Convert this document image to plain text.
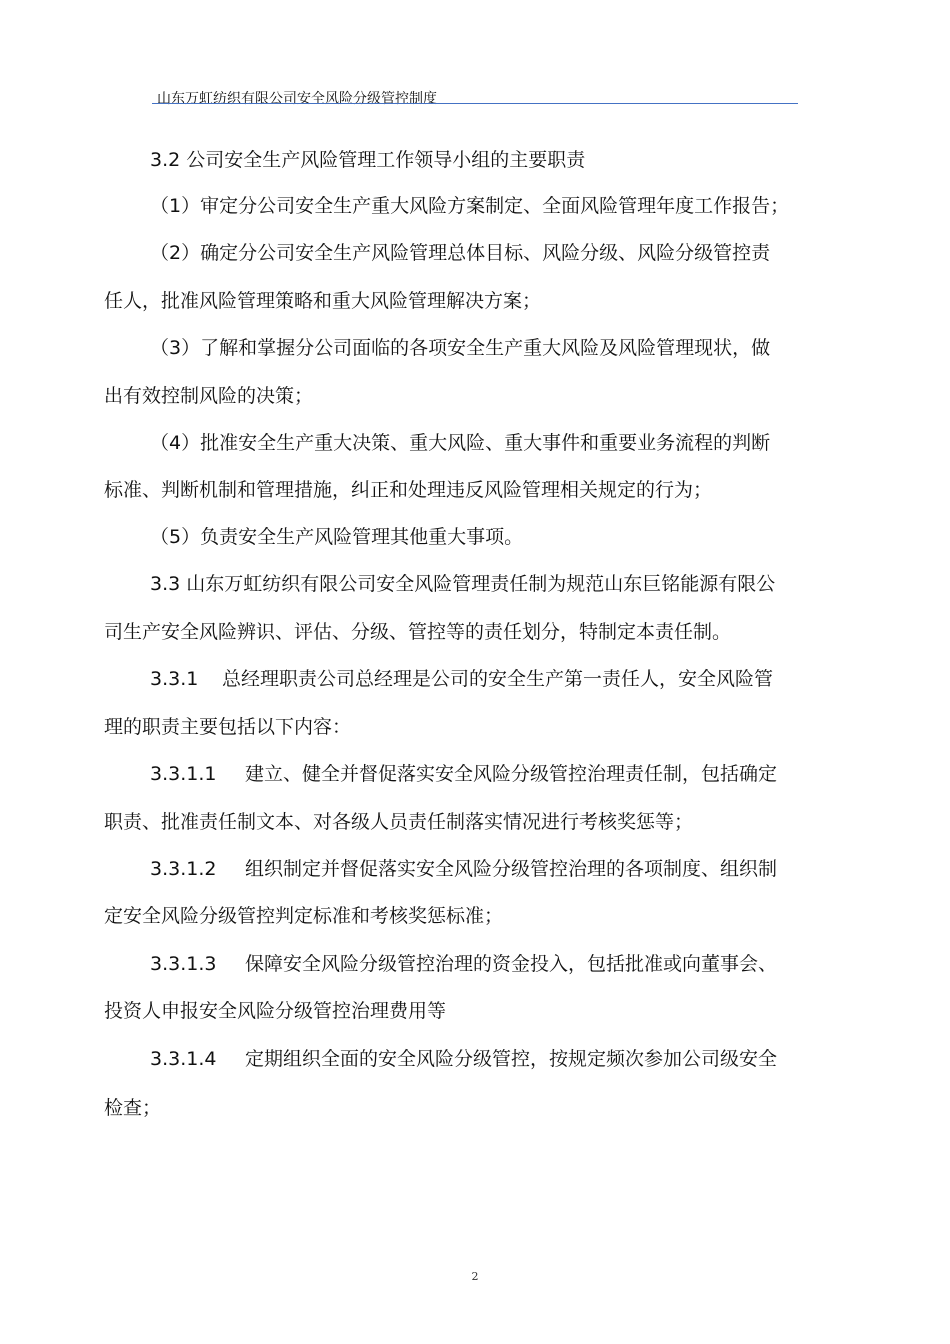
山东万虹纺织有限公司安全风险分级管控制度
3.2 公司安全生产风险管理工作领导小组的主要职责
（1）审定分公司安全生产重大风险方案制定、全面风险管理年度工作报告；
（2）确定分公司安全生产风险管理总体目标、风险分级、风险分级管控责
任人，批准风险管理策略和重大风险管理解决方案；
（3）了解和掌握分公司面临的各项安全生产重大风险及风险管理现状，做
出有效控制风险的决策；
（4）批准安全生产重大决策、重大风险、重大事件和重要业务流程的判断
标准、判断机制和管理措施，纠正和处理违反风险管理相关规定的行为；
（5）负责安全生产风险管理其他重大事项。
3.3 山东万虹纺织有限公司安全风险管理责任制为规范山东巨铭能源有限公
司生产安全风险辨识、评估、分级、管控等的责任划分，特制定本责任制。
3.3.1 总经理职责公司总经理是公司的安全生产第一责任人，安全风险管
理的职责主要包括以下内容：
3.3.1.1 建立、健全并督促落实安全风险分级管控治理责任制，包括确定
职责、批准责任制文本、对各级人员责任制落实情况进行考核奖惩等；
3.3.1.2 组织制定并督促落实安全风险分级管控治理的各项制度、组织制
定安全风险分级管控判定标准和考核奖惩标准；
3.3.1.3 保障安全风险分级管控治理的资金投入，包括批准或向董事会、
投资人申报安全风险分级管控治理费用等
3.3.1.4 定期组织全面的安全风险分级管控，按规定频次参加公司级安全
检查；
2
